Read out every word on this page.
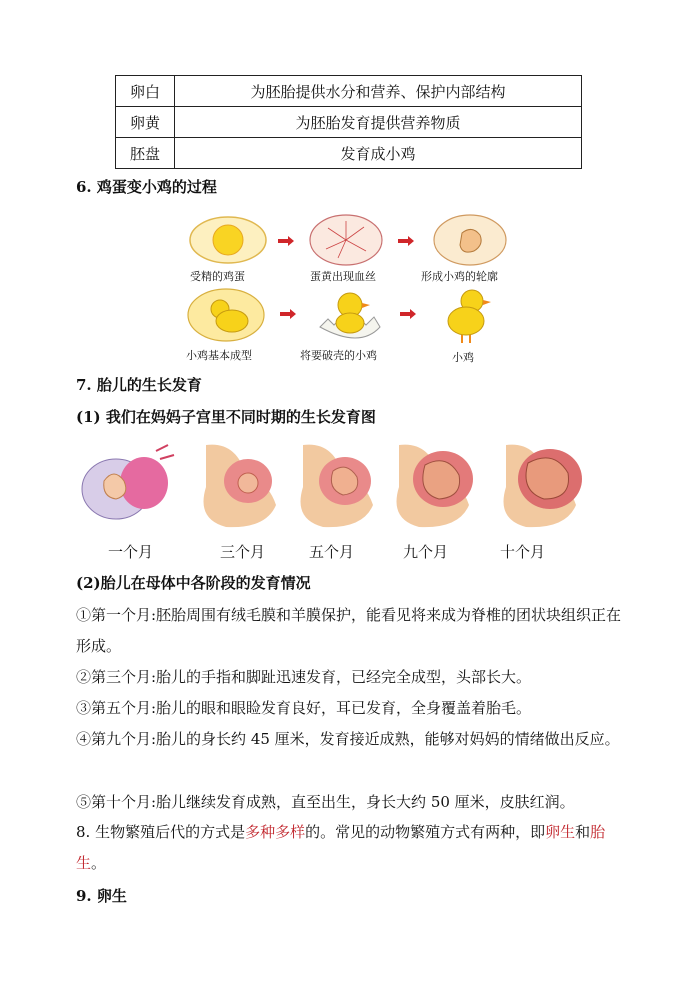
卵白	为胚胎提供水分和营养、保护内部结构
卵黄	为胚胎发育提供营养物质
胚盘	发育成小鸡
6. 鸡蛋变小鸡的过程
受精的鸡蛋	蛋黄出现血丝	形成小鸡的轮廓
小鸡基本成型	将要破壳的小鸡	小鸡
7. 胎儿的生长发育
(1) 我们在妈妈子宫里不同时期的生长发育图
一个月	三个月	五个月	九个月	十个月
(2)胎儿在母体中各阶段的发育情况
①第一个月:胚胎周围有绒毛膜和羊膜保护，能看见将来成为脊椎的团状块组织正在形成。
②第三个月:胎儿的手指和脚趾迅速发育，已经完全成型，头部长大。
③第五个月:胎儿的眼和眼睑发育良好，耳已发育，全身覆盖着胎毛。
④第九个月:胎儿的身长约 45 厘米，发育接近成熟，能够对妈妈的情绪做出反应。
⑤第十个月:胎儿继续发育成熟，直至出生，身长大约 50 厘米，皮肤红润。
8. 生物繁殖后代的方式是多种多样的。常见的动物繁殖方式有两种，即卵生和胎生。
9. 卵生
